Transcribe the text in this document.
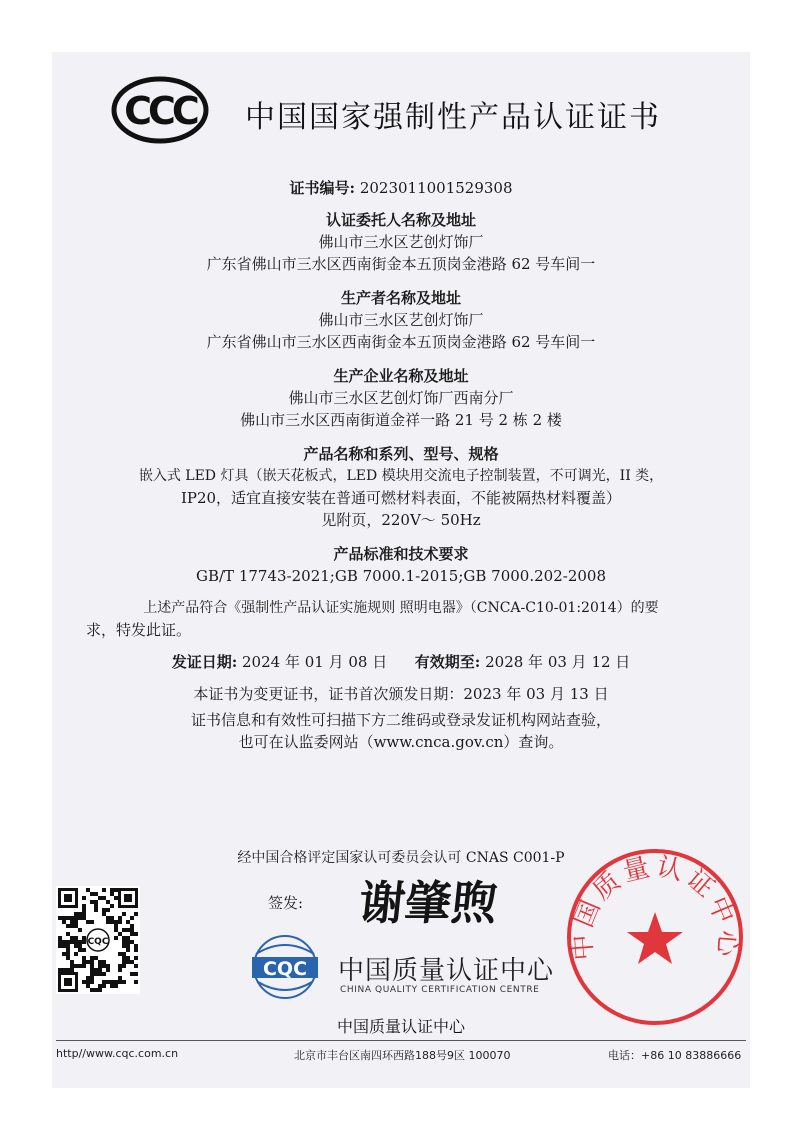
CCC 中国国家强制性产品认证证书
证书编号: 2023011001529308
认证委托人名称及地址
佛山市三水区艺创灯饰厂
广东省佛山市三水区西南街金本五顶岗金港路 62 号车间一
生产者名称及地址
佛山市三水区艺创灯饰厂
广东省佛山市三水区西南街金本五顶岗金港路 62 号车间一
生产企业名称及地址
佛山市三水区艺创灯饰厂西南分厂
佛山市三水区西南街道金祥一路 21 号 2 栋 2 楼
产品名称和系列、型号、规格
嵌入式 LED 灯具（嵌天花板式，LED 模块用交流电子控制装置，不可调光，II 类，
IP20，适宜直接安装在普通可燃材料表面，不能被隔热材料覆盖）
见附页，220V～ 50Hz
产品标准和技术要求
GB/T 17743-2021;GB 7000.1-2015;GB 7000.202-2008
上述产品符合《强制性产品认证实施规则 照明电器》（CNCA-C10-01:2014）的要
求，特发此证。
发证日期: 2024 年 01 月 08 日 有效期至: 2028 年 03 月 12 日
本证书为变更证书，证书首次颁发日期：2023 年 03 月 13 日
证书信息和有效性可扫描下方二维码或登录发证机构网站查验，
也可在认监委网站（www.cnca.gov.cn）查询。
经中国合格评定国家认可委员会认可 CNAS C001-P
CQC
签发: 谢肇煦
CQC 中国质量认证中心
CHINA QUALITY CERTIFICATION CENTRE
中国质量认证中心
中国质量认证中心
http//www.cqc.com.cn	北京市丰台区南四环西路188号9区 100070	电话：+86 10 83886666
